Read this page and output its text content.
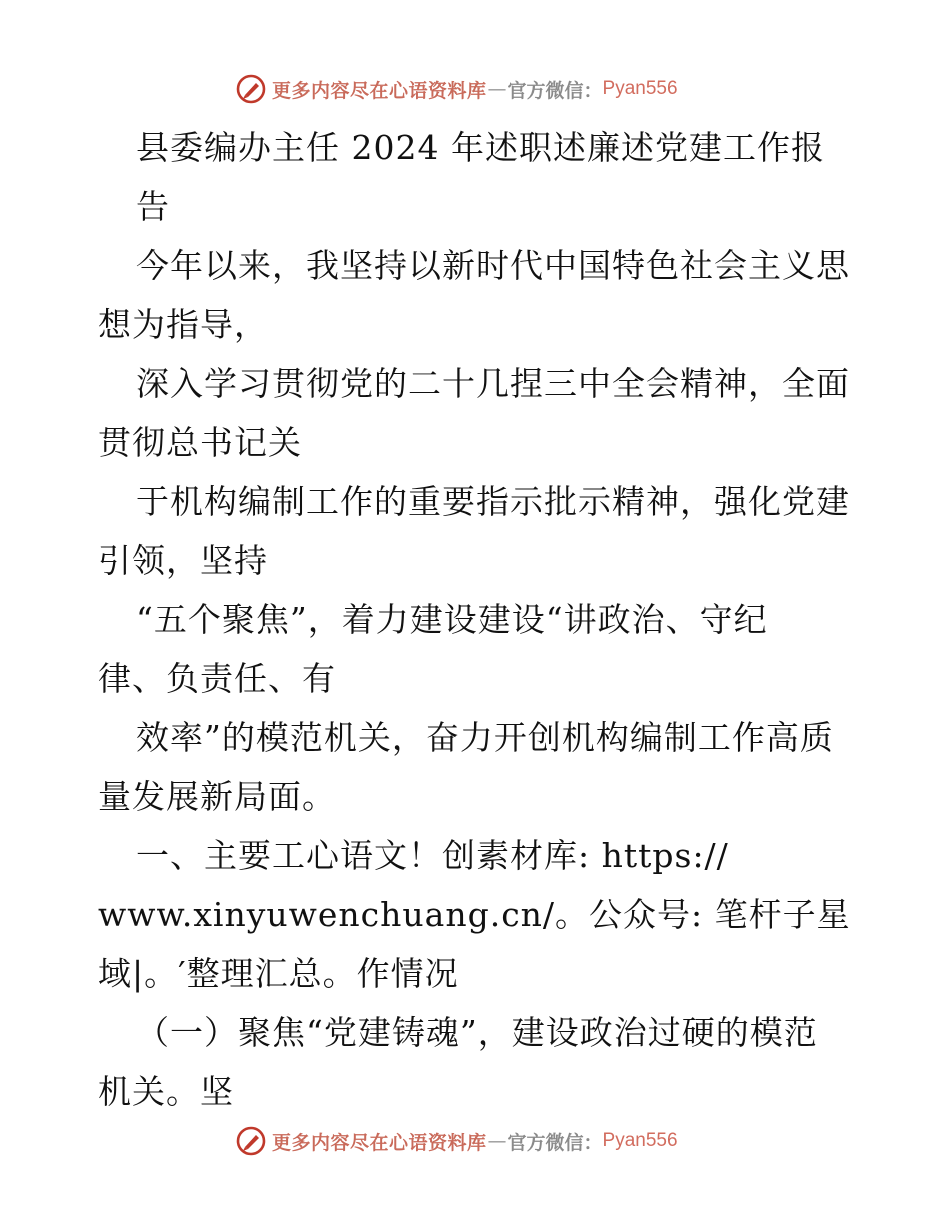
更多内容尽在心语资料库 — 官方微信： Pyan556
县委编办主任 2024 年述职述廉述党建工作报
告
今年以来，我坚持以新时代中国特色社会主义思
想为指导，
深入学习贯彻党的二十几捏三中全会精神，全面
贯彻总书记关
于机构编制工作的重要指示批示精神，强化党建
引领，坚持
“五个聚焦”，着力建设建设“讲政治、守纪
律、负责任、有
效率”的模范机关，奋力开创机构编制工作高质
量发展新局面。
一、主要工心语文！创素材库: https://
www.xinyuwenchuang.cn/。公众号: 笔杆子星
域|。′整理汇总。作情况
（一）聚焦“党建铸魂”，建设政治过硬的模范
机关。坚
更多内容尽在心语资料库 — 官方微信： Pyan556
